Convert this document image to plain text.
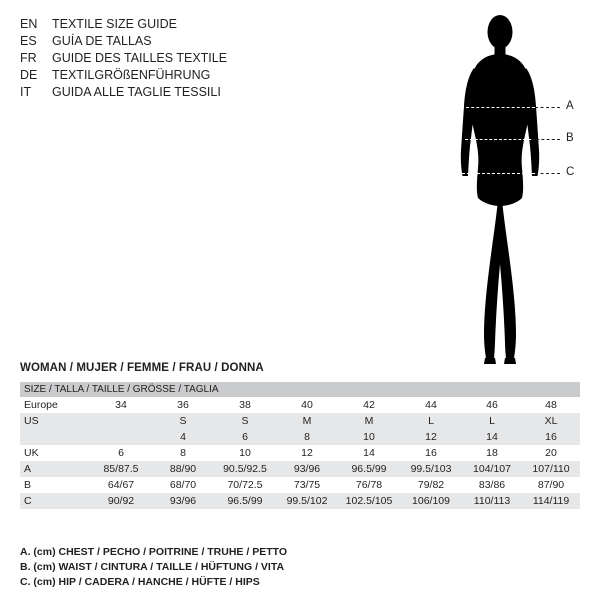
EN	TEXTILE SIZE GUIDE
ES	GUÍA DE TALLAS
FR	GUIDE DES TAILLES TEXTILE
DE	TEXTILGRÖßENFÜHRUNG
IT	GUIDA ALLE TAGLIE TESSILI
A
B
C
WOMAN / MUJER / FEMME / FRAU / DONNA
SIZE / TALLA / TAILLE / GRÖSSE / TAGLIA								
Europe	34	36	38	40	42	44	46	48
US		S	S	M	M	L	L	XL
		4	6	8	10	12	14	16
UK	6	8	10	12	14	16	18	20
A	85/87.5	88/90	90.5/92.5	93/96	96.5/99	99.5/103	104/107	107/110
B	64/67	68/70	70/72.5	73/75	76/78	79/82	83/86	87/90
C	90/92	93/96	96.5/99	99.5/102	102.5/105	106/109	110/113	114/119
A. (cm) CHEST / PECHO / POITRINE / TRUHE / PETTO
B. (cm) WAIST / CINTURA / TAILLE / HÜFTUNG / VITA
C. (cm) HIP / CADERA / HANCHE / HÜFTE / HIPS
